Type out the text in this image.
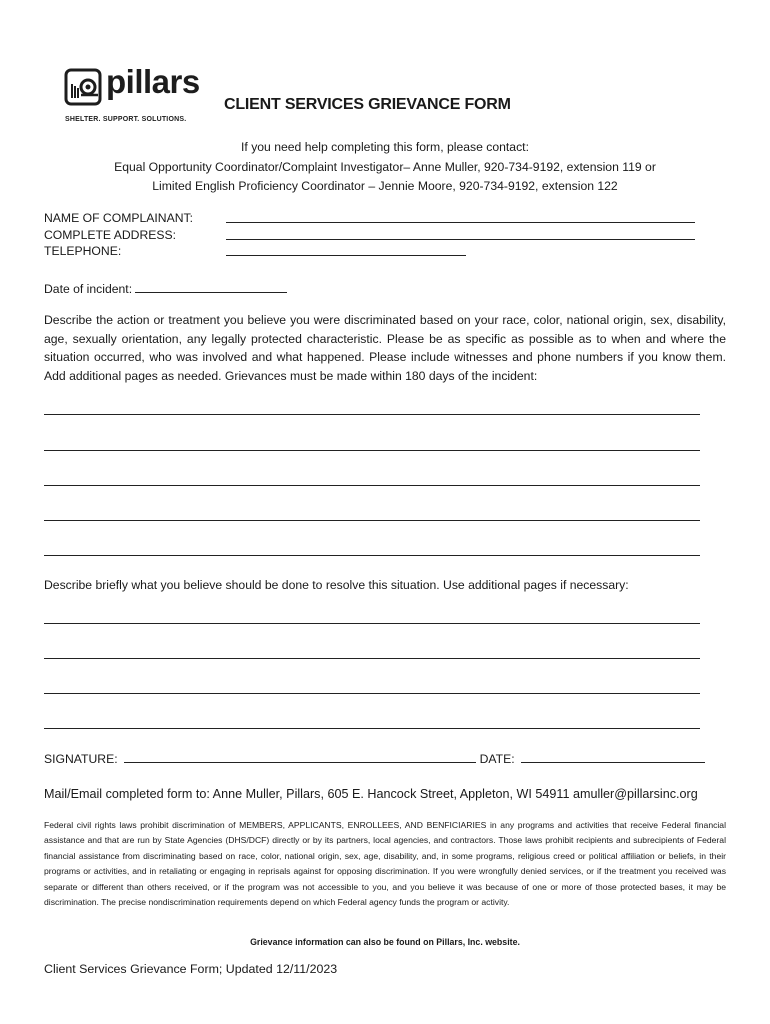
pillars
SHELTER. SUPPORT. SOLUTIONS.
CLIENT SERVICES GRIEVANCE FORM
If you need help completing this form, please contact:
Equal Opportunity Coordinator/Complaint Investigator– Anne Muller, 920-734-9192, extension 119 or
Limited English Proficiency Coordinator – Jennie Moore, 920-734-9192, extension 122
NAME OF COMPLAINANT:
COMPLETE ADDRESS:
TELEPHONE:
Date of incident:
Describe the action or treatment you believe you were discriminated based on your race, color, national origin, sex, disability, age, sexually orientation, any legally protected characteristic. Please be as specific as possible as to when and where the situation occurred, who was involved and what happened. Please include witnesses and phone numbers if you know them. Add additional pages as needed. Grievances must be made within 180 days of the incident:
Describe briefly what you believe should be done to resolve this situation. Use additional pages if necessary:
SIGNATURE:	DATE:
Mail/Email completed form to: Anne Muller, Pillars, 605 E. Hancock Street, Appleton, WI 54911 amuller@pillarsinc.org
Federal civil rights laws prohibit discrimination of MEMBERS, APPLICANTS, ENROLLEES, AND BENFICIARIES in any programs and activities that receive Federal financial assistance and that are run by State Agencies (DHS/DCF) directly or by its partners, local agencies, and contractors. Those laws prohibit recipients and subrecipients of Federal financial assistance from discriminating based on race, color, national origin, sex, age, disability, and, in some programs, religious creed or political affiliation or beliefs, in their programs or activities, and in retaliating or engaging in reprisals against for opposing discrimination. If you were wrongfully denied services, or if the treatment you received was separate or different than others received, or if the program was not accessible to you, and you believe it was because of one or more of those protected bases, it may be discrimination. The precise nondiscrimination requirements depend on which Federal agency funds the program or activity.
Grievance information can also be found on Pillars, Inc. website.
Client Services Grievance Form; Updated 12/11/2023
